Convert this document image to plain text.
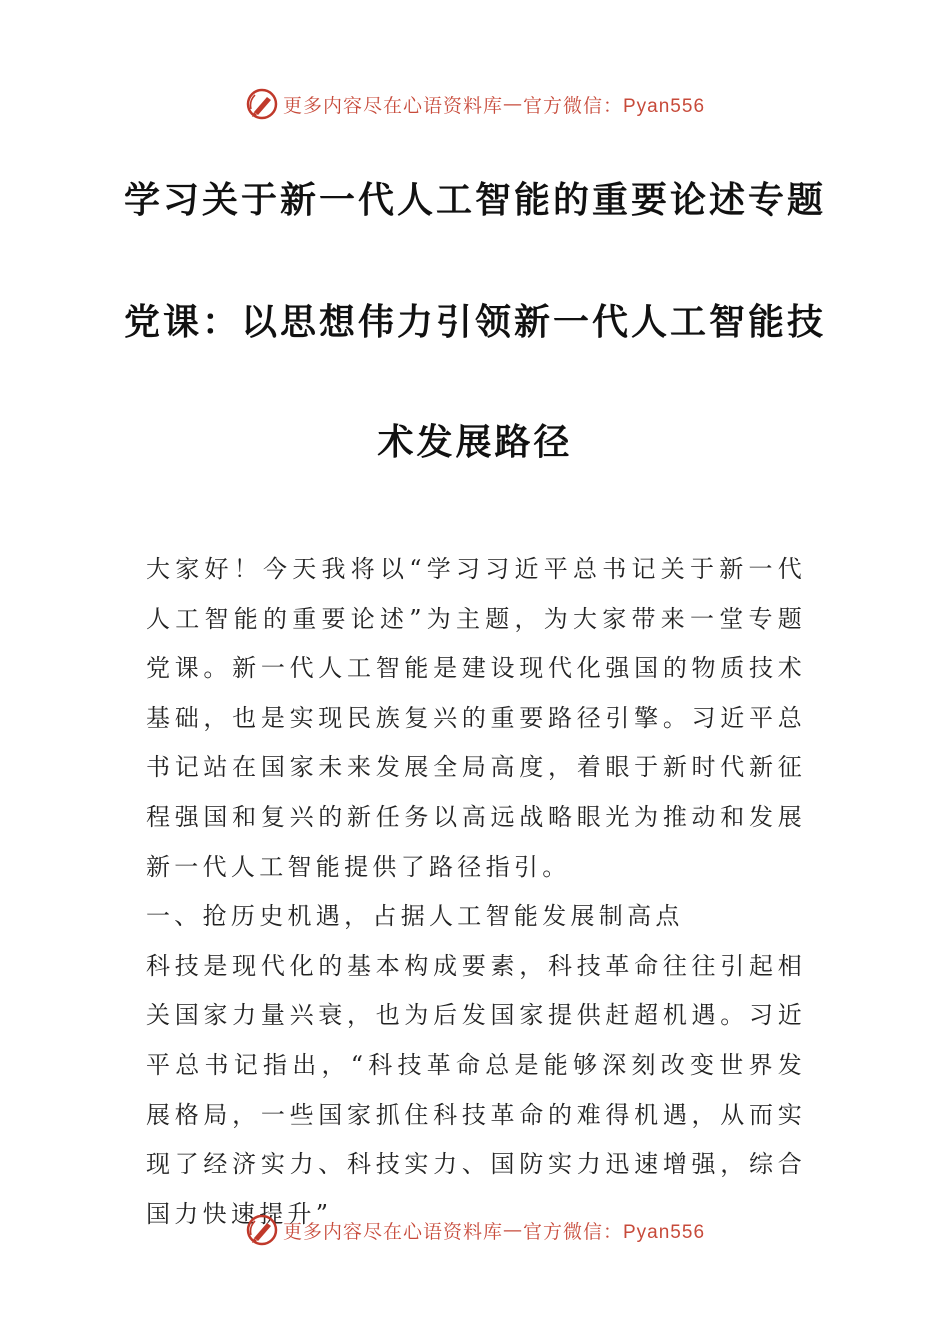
更多内容尽在心语资料库 — 官方微信：Pyan556
学习关于新一代人工智能的重要论述专题
党课：以思想伟力引领新一代人工智能技
术发展路径

大家好！今天我将以“学习习近平总书记关于新一代人工智能的重要论述”为主题，为大家带来一堂专题党课。新一代人工智能是建设现代化强国的物质技术基础，也是实现民族复兴的重要路径引擎。习近平总书记站在国家未来发展全局高度，着眼于新时代新征程强国和复兴的新任务以高远战略眼光为推动和发展新一代人工智能提供了路径指引。

一、抢历史机遇，占据人工智能发展制高点

科技是现代化的基本构成要素，科技革命往往引起相关国家力量兴衰，也为后发国家提供赶超机遇。习近平总书记指出，“科技革命总是能够深刻改变世界发展格局，一些国家抓住科技革命的难得机遇，从而实现了经济实力、科技实力、国防实力迅速增强，综合国力快速提升”

更多内容尽在心语资料库 — 官方微信：Pyan556
